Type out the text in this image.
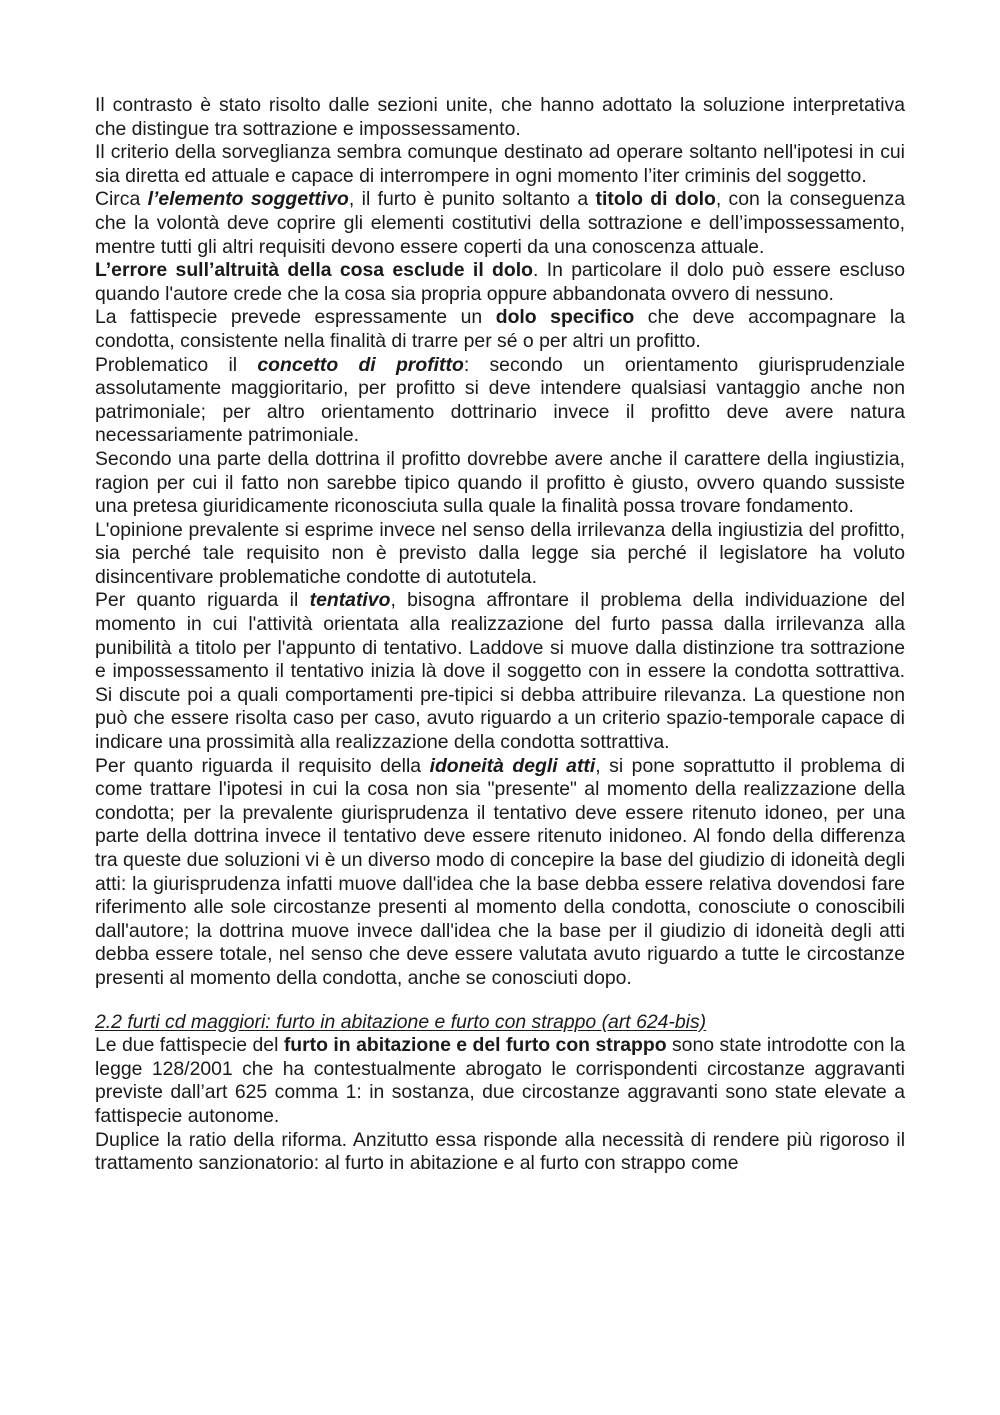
Il contrasto è stato risolto dalle sezioni unite, che hanno adottato la soluzione interpretativa che distingue tra sottrazione e impossessamento.

Il criterio della sorveglianza sembra comunque destinato ad operare soltanto nell'ipotesi in cui sia diretta ed attuale e capace di interrompere in ogni momento l’iter criminis del soggetto.

Circa l’elemento soggettivo, il furto è punito soltanto a titolo di dolo, con la conseguenza che la volontà deve coprire gli elementi costitutivi della sottrazione e dell’impossessamento, mentre tutti gli altri requisiti devono essere coperti da una conoscenza attuale.

L’errore sull’altruità della cosa esclude il dolo. In particolare il dolo può essere escluso quando l'autore crede che la cosa sia propria oppure abbandonata ovvero di nessuno.

La fattispecie prevede espressamente un dolo specifico che deve accompagnare la condotta, consistente nella finalità di trarre per sé o per altri un profitto.

Problematico il concetto di profitto: secondo un orientamento giurisprudenziale assolutamente maggioritario, per profitto si deve intendere qualsiasi vantaggio anche non patrimoniale; per altro orientamento dottrinario invece il profitto deve avere natura necessariamente patrimoniale.

Secondo una parte della dottrina il profitto dovrebbe avere anche il carattere della ingiustizia, ragion per cui il fatto non sarebbe tipico quando il profitto è giusto, ovvero quando sussiste una pretesa giuridicamente riconosciuta sulla quale la finalità possa trovare fondamento.

L'opinione prevalente si esprime invece nel senso della irrilevanza della ingiustizia del profitto, sia perché tale requisito non è previsto dalla legge sia perché il legislatore ha voluto disincentivare problematiche condotte di autotutela.

Per quanto riguarda il tentativo, bisogna affrontare il problema della individuazione del momento in cui l'attività orientata alla realizzazione del furto passa dalla irrilevanza alla punibilità a titolo per l'appunto di tentativo. Laddove si muove dalla distinzione tra sottrazione e impossessamento il tentativo inizia là dove il soggetto con in essere la condotta sottrattiva. Si discute poi a quali comportamenti pre-tipici si debba attribuire rilevanza. La questione non può che essere risolta caso per caso, avuto riguardo a un criterio spazio-temporale capace di indicare una prossimità alla realizzazione della condotta sottrattiva.

Per quanto riguarda il requisito della idoneità degli atti, si pone soprattutto il problema di come trattare l'ipotesi in cui la cosa non sia "presente" al momento della realizzazione della condotta; per la prevalente giurisprudenza il tentativo deve essere ritenuto idoneo, per una parte della dottrina invece il tentativo deve essere ritenuto inidoneo. Al fondo della differenza tra queste due soluzioni vi è un diverso modo di concepire la base del giudizio di idoneità degli atti: la giurisprudenza infatti muove dall'idea che la base debba essere relativa dovendosi fare riferimento alle sole circostanze presenti al momento della condotta, conosciute o conoscibili dall'autore; la dottrina muove invece dall'idea che la base per il giudizio di idoneità degli atti debba essere totale, nel senso che deve essere valutata avuto riguardo a tutte le circostanze presenti al momento della condotta, anche se conosciuti dopo.

2.2 furti cd maggiori: furto in abitazione e furto con strappo (art 624-bis)

Le due fattispecie del furto in abitazione e del furto con strappo sono state introdotte con la legge 128/2001 che ha contestualmente abrogato le corrispondenti circostanze aggravanti previste dall’art 625 comma 1: in sostanza, due circostanze aggravanti sono state elevate a fattispecie autonome.

Duplice la ratio della riforma. Anzitutto essa risponde alla necessità di rendere più rigoroso il trattamento sanzionatorio: al furto in abitazione e al furto con strappo come
